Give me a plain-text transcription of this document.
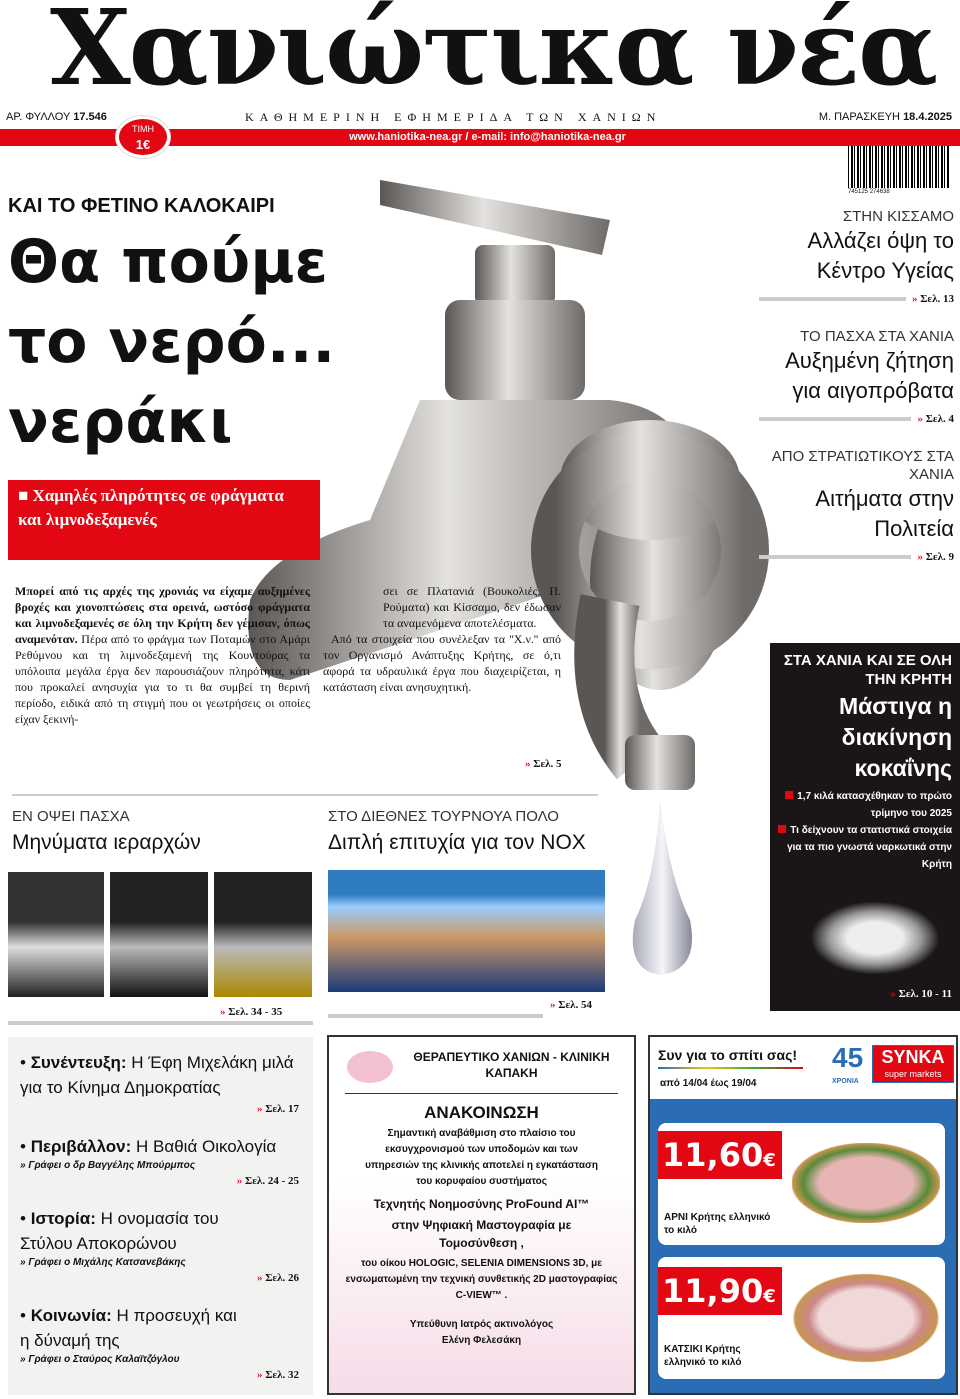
Χανιώτικα νέα
ΑΡ. ΦΥΛΛΟΥ 17.546	ΚΑΘΗΜΕΡΙΝΗ ΕΦΗΜΕΡΙΔΑ ΤΩΝ ΧΑΝΙΩΝ	Μ. ΠΑΡΑΣΚΕΥΗ 18.4.2025
www.haniotika-nea.gr / e-mail: info@haniotika-nea.gr
ΤΙΜΗ
1€
745125 274638
ΚΑΙ ΤΟ ΦΕΤΙΝΟ ΚΑΛΟΚΑΙΡΙ
Θα πούμε
το νερό...
νεράκι
■ Χαμηλές πληρότητες σε φράγματα και λιμνοδεξαμενές
Μπορεί από τις αρχές της χρονιάς να είχαμε αυξημένες βροχές και χιονοπτώσεις στα ορεινά, ωστόσο φράγματα και λιμνοδεξαμενές σε όλη την Κρήτη δεν γέμισαν, όπως αναμενόταν. Πέρα από το φράγμα των Ποταμών στο Αμάρι Ρεθύμνου και τη λιμνοδεξαμενή της Κουντούρας τα υπόλοιπα μεγάλα έργα δεν παρουσιάζουν πληρότητα, κάτι που προκαλεί ανησυχία για το τι θα συμβεί τη θερινή περίοδο, ειδικά από τη στιγμή που οι γεωτρήσεις οι οποίες είχαν ξεκινή-
σει σε Πλατανιά (Βουκολιές, Π. Ρούματα) και Κίσσαμο, δεν έδωσαν τα αναμενόμενα αποτελέσματα.
Από τα στοιχεία που συνέλεξαν τα ''Χ.ν.'' από τον Οργανισμό Ανάπτυξης Κρήτης, σε ό,τι αφορά τα υδραυλικά έργα που διαχειρίζεται, η κατάσταση είναι ανησυχητική.
» Σελ. 5
ΣΤΗΝ ΚΙΣΣΑΜΟ
Αλλάζει όψη το Κέντρο Υγείας
» Σελ. 13
ΤΟ ΠΑΣΧΑ ΣΤΑ ΧΑΝΙΑ
Αυξημένη ζήτηση για αιγοπρόβατα
» Σελ. 4
ΑΠΟ ΣΤΡΑΤΙΩΤΙΚΟΥΣ ΣΤΑ ΧΑΝΙΑ
Αιτήματα στην Πολιτεία
» Σελ. 9
ΣΤΑ ΧΑΝΙΑ ΚΑΙ ΣΕ ΟΛΗ ΤΗΝ ΚΡΗΤΗ
Μάστιγα η διακίνηση κοκαΐνης
1,7 κιλά κατασχέθηκαν το πρώτο τρίμηνο του 2025
Τι δείχνουν τα στατιστικά στοιχεία για τα πιο γνωστά ναρκωτικά στην Κρήτη
» Σελ. 10 - 11
ΕΝ ΟΨΕΙ ΠΑΣΧΑ
Μηνύματα ιεραρχών
» Σελ. 34 - 35
ΣΤΟ ΔΙΕΘΝΕΣ ΤΟΥΡΝΟΥΑ ΠΟΛΟ
Διπλή επιτυχία για τον ΝΟΧ
» Σελ. 54
• Συνέντευξη: Η Έφη Μιχελάκη μιλά για το Κίνημα Δημοκρατίας
» Σελ. 17
• Περιβάλλον: Η Βαθιά Οικολογία
» Γράφει ο δρ Βαγγέλης Μπούρμπος
» Σελ. 24 - 25
• Ιστορία: Η ονομασία του Στύλου Αποκορώνου
» Γράφει ο Μιχάλης Κατσανεβάκης
» Σελ. 26
• Κοινωνία: Η προσευχή και η δύναμή της
» Γράφει ο Σταύρος Καλαϊτζόγλου
» Σελ. 32
ΘΕΡΑΠΕΥΤΙΚΟ ΧΑΝΙΩΝ - ΚΛΙΝΙΚΗ ΚΑΠΑΚΗ
ΑΝΑΚΟΙΝΩΣΗ
Σημαντική αναβάθμιση στο πλαίσιο του εκσυγχρονισμού των υποδομών και των υπηρεσιών της κλινικής αποτελεί η εγκατάσταση του κορυφαίου συστήματος
Τεχνητής Νοημοσύνης ProFound AI™
στην Ψηφιακή Μαστογραφία με Τομοσύνθεση ,
του οίκου HOLOGIC, SELENIA DIMENSIONS 3D, με ενσωματωμένη την τεχνική συνθετικής 2D μαστογραφίας C-VIEW™ .
Υπεύθυνη Ιατρός ακτινολόγος
Ελένη Φελεσάκη
Συν για το σπίτι σας!
από 14/04 έως 19/04
45
ΧΡΟΝΙΑ
SYNKA
super markets
11,60€
ΑΡΝΙ Κρήτης ελληνικό το κιλό
11,90€
ΚΑΤΣΙΚΙ Κρήτης ελληνικό το κιλό
